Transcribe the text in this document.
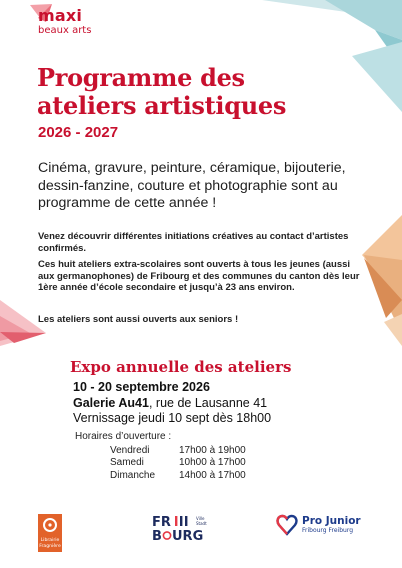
maxi
beaux arts
Programme des
ateliers artistiques
2026 - 2027
Cinéma, gravure, peinture, céramique, bijouterie, dessin-fanzine, couture et photographie sont au programme de cette année !
Venez découvrir différentes initiations créatives au contact d’artistes confirmés.
Ces huit ateliers extra-scolaires sont ouverts à tous les jeunes (aussi aux germanophones) de Fribourg et des communes du canton dès leur 1ère année d’école secondaire et jusqu’à 23 ans environ.
Les ateliers sont aussi ouverts aux seniors !
Expo annuelle des ateliers
10 - 20 septembre 2026
Galerie Au41, rue de Lausanne 41
Vernissage jeudi 10 sept dès 18h00
Horaires d’ouverture :
Vendredi	17h00 à 19h00
Samedi	10h00 à 17h00
Dimanche	14h00 à 17h00
Librairie
Fragnière
FR	Ville
Stadt
B URG
Pro Junior
Fribourg Freiburg
